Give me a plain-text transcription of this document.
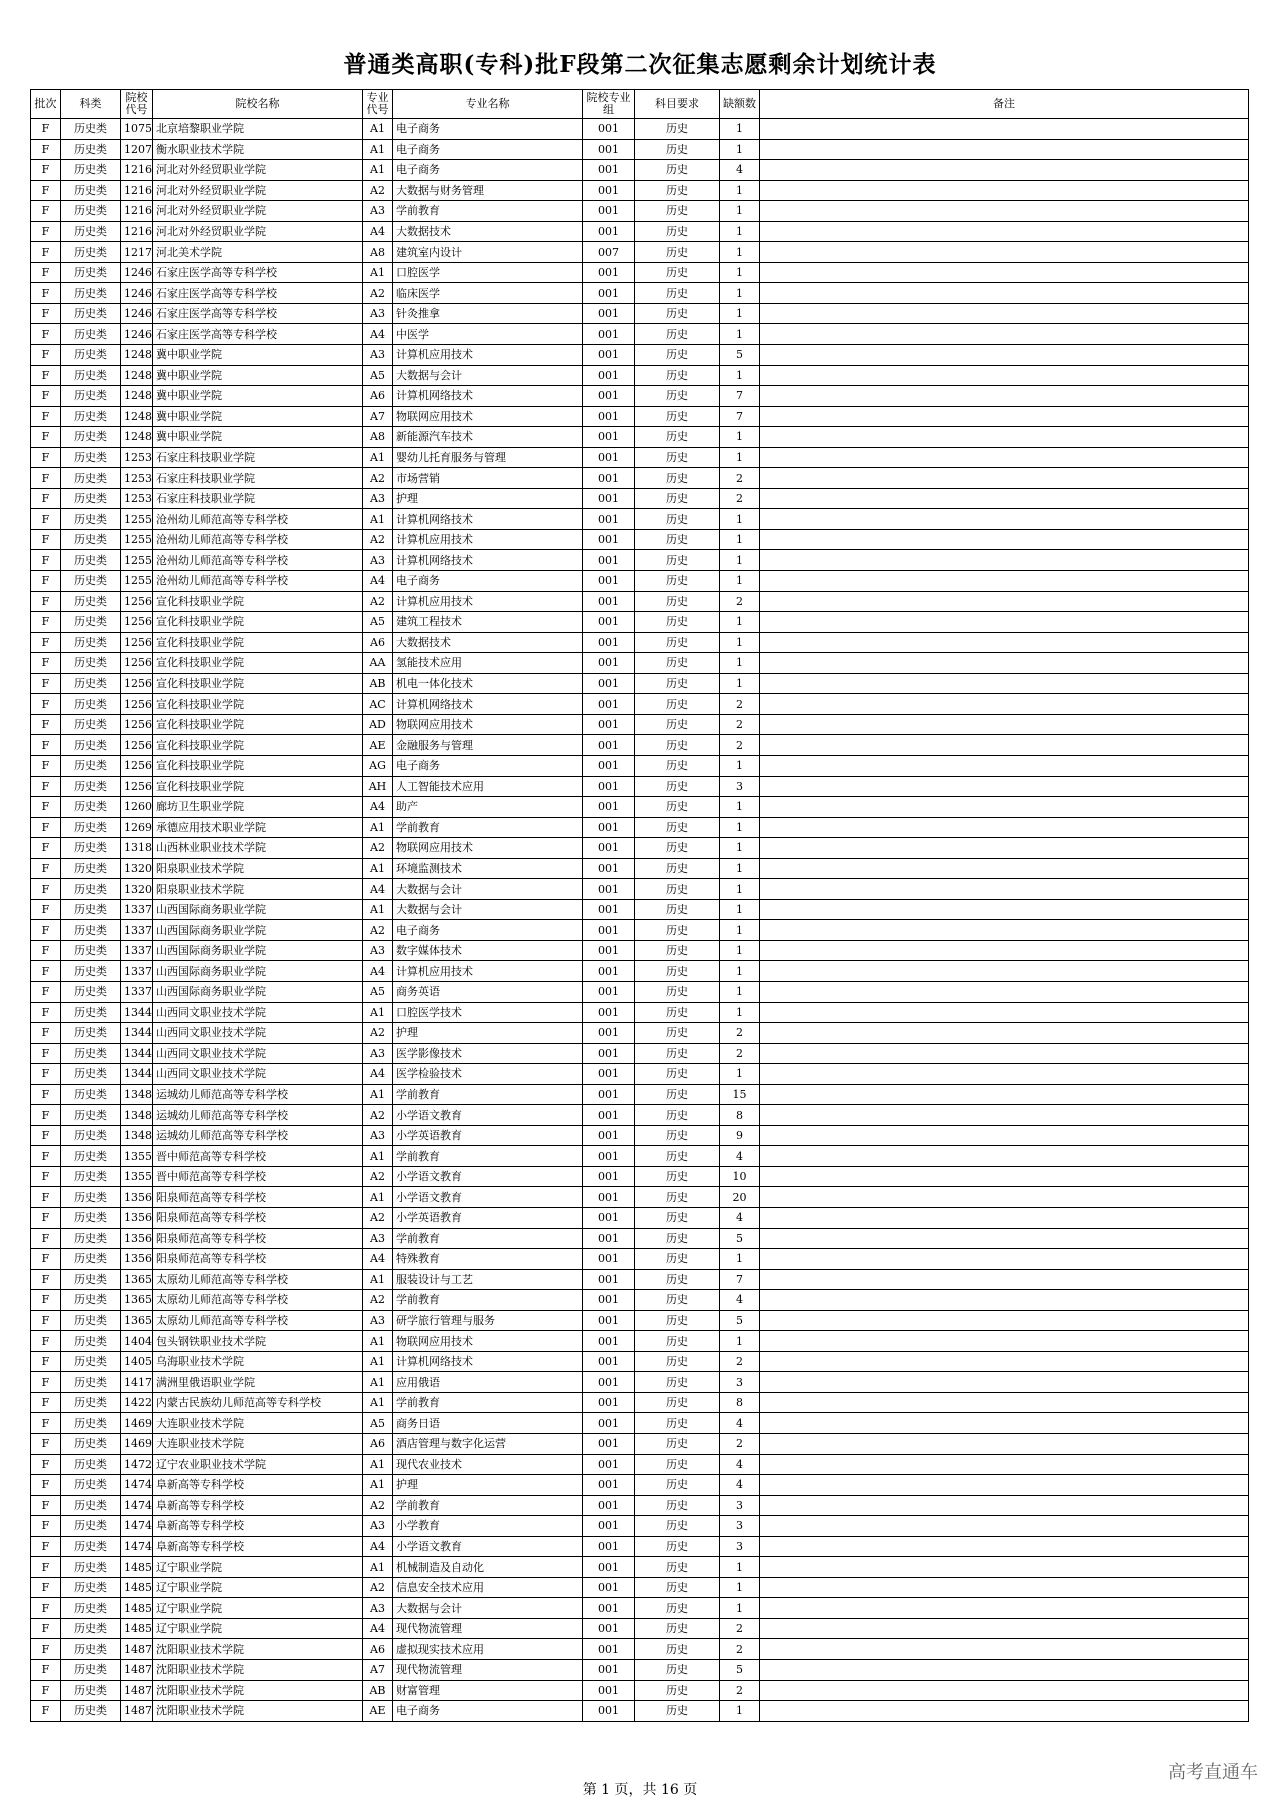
普通类高职(专科)批F段第二次征集志愿剩余计划统计表
批次	科类	院校代号	院校名称	专业代号	专业名称	院校专业组	科目要求	缺额数	备注
F	历史类	1075	北京培黎职业学院	A1	电子商务	001	历史	1	
F	历史类	1207	衡水职业技术学院	A1	电子商务	001	历史	1	
F	历史类	1216	河北对外经贸职业学院	A1	电子商务	001	历史	4	
F	历史类	1216	河北对外经贸职业学院	A2	大数据与财务管理	001	历史	1	
F	历史类	1216	河北对外经贸职业学院	A3	学前教育	001	历史	1	
F	历史类	1216	河北对外经贸职业学院	A4	大数据技术	001	历史	1	
F	历史类	1217	河北美术学院	A8	建筑室内设计	007	历史	1	
F	历史类	1246	石家庄医学高等专科学校	A1	口腔医学	001	历史	1	
F	历史类	1246	石家庄医学高等专科学校	A2	临床医学	001	历史	1	
F	历史类	1246	石家庄医学高等专科学校	A3	针灸推拿	001	历史	1	
F	历史类	1246	石家庄医学高等专科学校	A4	中医学	001	历史	1	
F	历史类	1248	冀中职业学院	A3	计算机应用技术	001	历史	5	
F	历史类	1248	冀中职业学院	A5	大数据与会计	001	历史	1	
F	历史类	1248	冀中职业学院	A6	计算机网络技术	001	历史	7	
F	历史类	1248	冀中职业学院	A7	物联网应用技术	001	历史	7	
F	历史类	1248	冀中职业学院	A8	新能源汽车技术	001	历史	1	
F	历史类	1253	石家庄科技职业学院	A1	婴幼儿托育服务与管理	001	历史	1	
F	历史类	1253	石家庄科技职业学院	A2	市场营销	001	历史	2	
F	历史类	1253	石家庄科技职业学院	A3	护理	001	历史	2	
F	历史类	1255	沧州幼儿师范高等专科学校	A1	计算机网络技术	001	历史	1	
F	历史类	1255	沧州幼儿师范高等专科学校	A2	计算机应用技术	001	历史	1	
F	历史类	1255	沧州幼儿师范高等专科学校	A3	计算机网络技术	001	历史	1	
F	历史类	1255	沧州幼儿师范高等专科学校	A4	电子商务	001	历史	1	
F	历史类	1256	宣化科技职业学院	A2	计算机应用技术	001	历史	2	
F	历史类	1256	宣化科技职业学院	A5	建筑工程技术	001	历史	1	
F	历史类	1256	宣化科技职业学院	A6	大数据技术	001	历史	1	
F	历史类	1256	宣化科技职业学院	AA	氢能技术应用	001	历史	1	
F	历史类	1256	宣化科技职业学院	AB	机电一体化技术	001	历史	1	
F	历史类	1256	宣化科技职业学院	AC	计算机网络技术	001	历史	2	
F	历史类	1256	宣化科技职业学院	AD	物联网应用技术	001	历史	2	
F	历史类	1256	宣化科技职业学院	AE	金融服务与管理	001	历史	2	
F	历史类	1256	宣化科技职业学院	AG	电子商务	001	历史	1	
F	历史类	1256	宣化科技职业学院	AH	人工智能技术应用	001	历史	3	
F	历史类	1260	廊坊卫生职业学院	A4	助产	001	历史	1	
F	历史类	1269	承德应用技术职业学院	A1	学前教育	001	历史	1	
F	历史类	1318	山西林业职业技术学院	A2	物联网应用技术	001	历史	1	
F	历史类	1320	阳泉职业技术学院	A1	环境监测技术	001	历史	1	
F	历史类	1320	阳泉职业技术学院	A4	大数据与会计	001	历史	1	
F	历史类	1337	山西国际商务职业学院	A1	大数据与会计	001	历史	1	
F	历史类	1337	山西国际商务职业学院	A2	电子商务	001	历史	1	
F	历史类	1337	山西国际商务职业学院	A3	数字媒体技术	001	历史	1	
F	历史类	1337	山西国际商务职业学院	A4	计算机应用技术	001	历史	1	
F	历史类	1337	山西国际商务职业学院	A5	商务英语	001	历史	1	
F	历史类	1344	山西同文职业技术学院	A1	口腔医学技术	001	历史	1	
F	历史类	1344	山西同文职业技术学院	A2	护理	001	历史	2	
F	历史类	1344	山西同文职业技术学院	A3	医学影像技术	001	历史	2	
F	历史类	1344	山西同文职业技术学院	A4	医学检验技术	001	历史	1	
F	历史类	1348	运城幼儿师范高等专科学校	A1	学前教育	001	历史	15	
F	历史类	1348	运城幼儿师范高等专科学校	A2	小学语文教育	001	历史	8	
F	历史类	1348	运城幼儿师范高等专科学校	A3	小学英语教育	001	历史	9	
F	历史类	1355	晋中师范高等专科学校	A1	学前教育	001	历史	4	
F	历史类	1355	晋中师范高等专科学校	A2	小学语文教育	001	历史	10	
F	历史类	1356	阳泉师范高等专科学校	A1	小学语文教育	001	历史	20	
F	历史类	1356	阳泉师范高等专科学校	A2	小学英语教育	001	历史	4	
F	历史类	1356	阳泉师范高等专科学校	A3	学前教育	001	历史	5	
F	历史类	1356	阳泉师范高等专科学校	A4	特殊教育	001	历史	1	
F	历史类	1365	太原幼儿师范高等专科学校	A1	服装设计与工艺	001	历史	7	
F	历史类	1365	太原幼儿师范高等专科学校	A2	学前教育	001	历史	4	
F	历史类	1365	太原幼儿师范高等专科学校	A3	研学旅行管理与服务	001	历史	5	
F	历史类	1404	包头钢铁职业技术学院	A1	物联网应用技术	001	历史	1	
F	历史类	1405	乌海职业技术学院	A1	计算机网络技术	001	历史	2	
F	历史类	1417	满洲里俄语职业学院	A1	应用俄语	001	历史	3	
F	历史类	1422	内蒙古民族幼儿师范高等专科学校	A1	学前教育	001	历史	8	
F	历史类	1469	大连职业技术学院	A5	商务日语	001	历史	4	
F	历史类	1469	大连职业技术学院	A6	酒店管理与数字化运营	001	历史	2	
F	历史类	1472	辽宁农业职业技术学院	A1	现代农业技术	001	历史	4	
F	历史类	1474	阜新高等专科学校	A1	护理	001	历史	4	
F	历史类	1474	阜新高等专科学校	A2	学前教育	001	历史	3	
F	历史类	1474	阜新高等专科学校	A3	小学教育	001	历史	3	
F	历史类	1474	阜新高等专科学校	A4	小学语文教育	001	历史	3	
F	历史类	1485	辽宁职业学院	A1	机械制造及自动化	001	历史	1	
F	历史类	1485	辽宁职业学院	A2	信息安全技术应用	001	历史	1	
F	历史类	1485	辽宁职业学院	A3	大数据与会计	001	历史	1	
F	历史类	1485	辽宁职业学院	A4	现代物流管理	001	历史	2	
F	历史类	1487	沈阳职业技术学院	A6	虚拟现实技术应用	001	历史	2	
F	历史类	1487	沈阳职业技术学院	A7	现代物流管理	001	历史	5	
F	历史类	1487	沈阳职业技术学院	AB	财富管理	001	历史	2	
F	历史类	1487	沈阳职业技术学院	AE	电子商务	001	历史	1	
第 1 页，共 16 页
高考直通车
